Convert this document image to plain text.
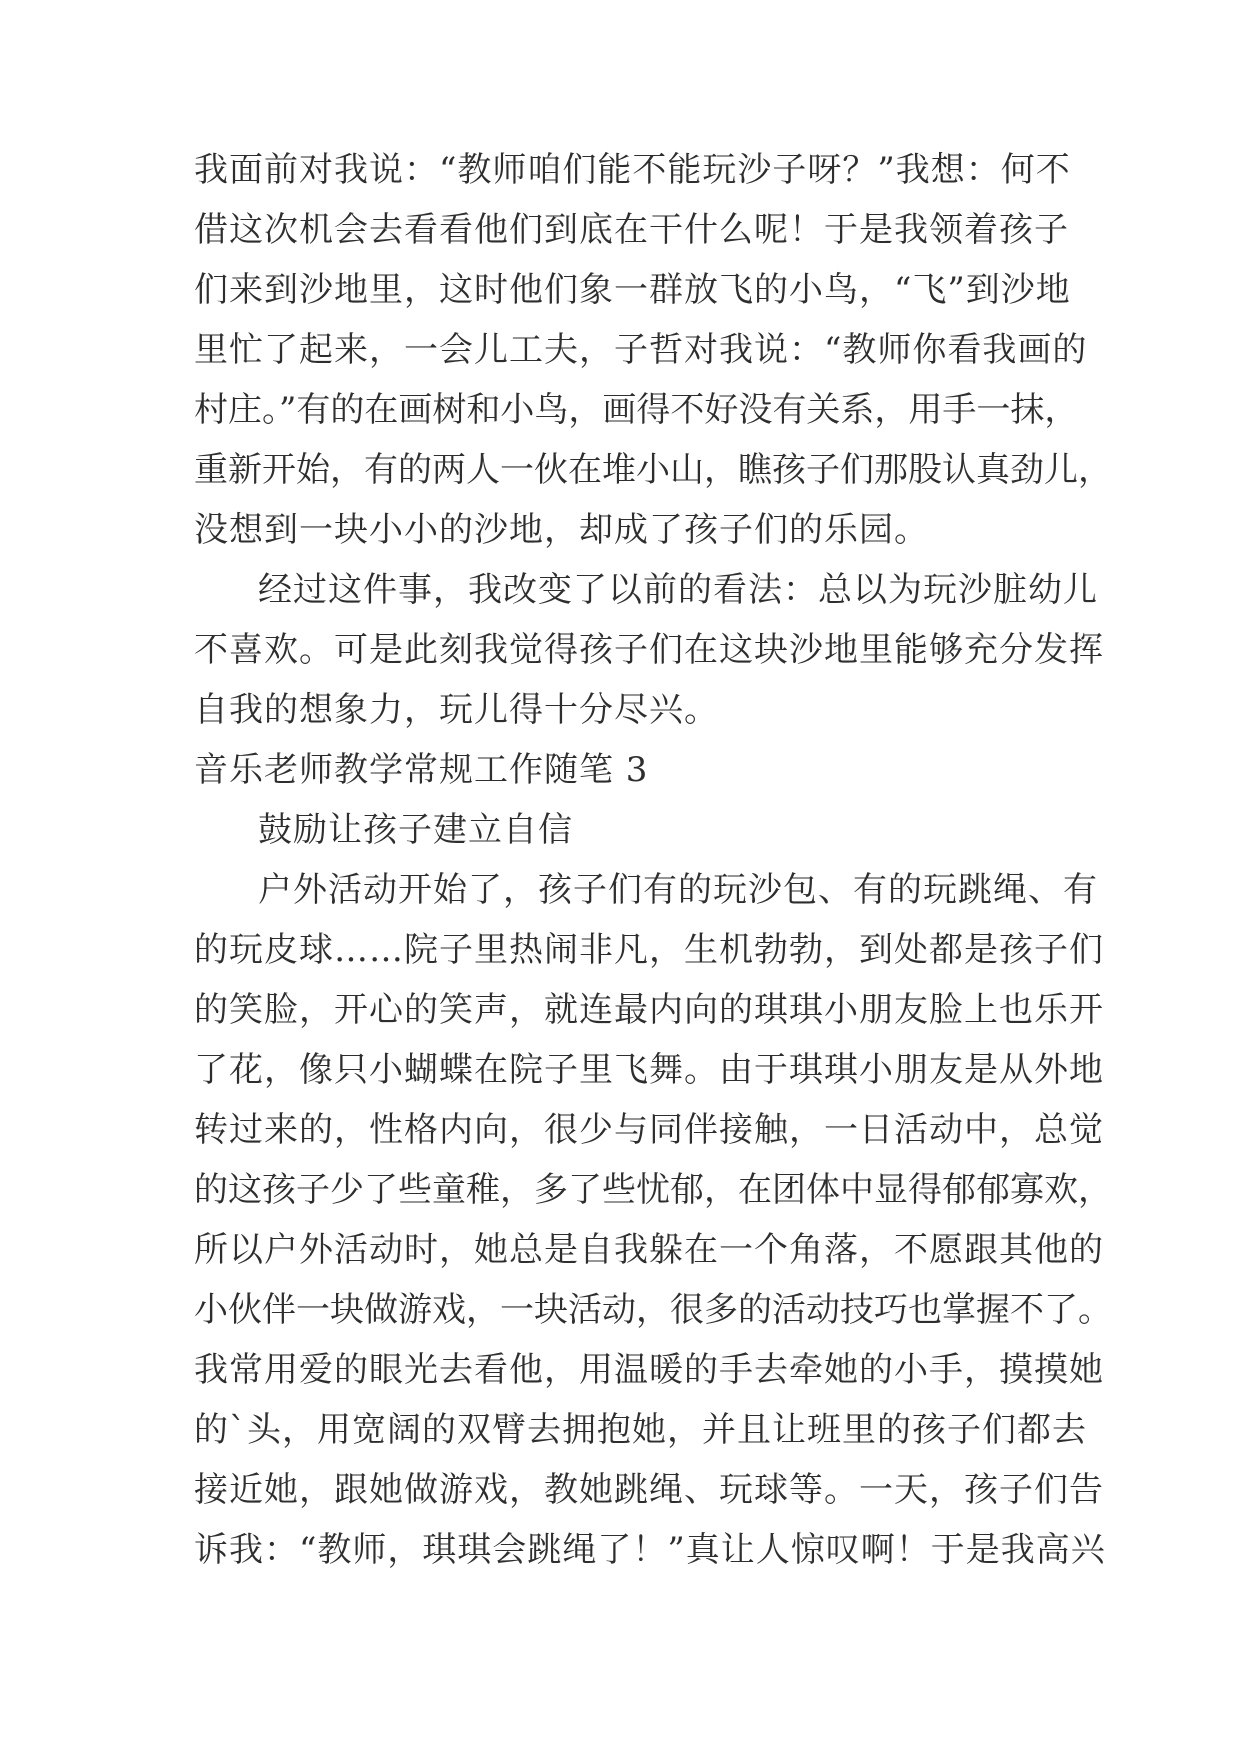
我面前对我说：“教师咱们能不能玩沙子呀？”我想：何不
借这次机会去看看他们到底在干什么呢！于是我领着孩子
们来到沙地里，这时他们象一群放飞的小鸟，“飞”到沙地
里忙了起来，一会儿工夫，子哲对我说：“教师你看我画的
村庄。”有的在画树和小鸟，画得不好没有关系，用手一抹，
重新开始，有的两人一伙在堆小山，瞧孩子们那股认真劲儿，
没想到一块小小的沙地，却成了孩子们的乐园。
经过这件事，我改变了以前的看法：总以为玩沙脏幼儿
不喜欢。可是此刻我觉得孩子们在这块沙地里能够充分发挥
自我的想象力，玩儿得十分尽兴。
音乐老师教学常规工作随笔 3
鼓励让孩子建立自信
户外活动开始了，孩子们有的玩沙包、有的玩跳绳、有
的玩皮球……院子里热闹非凡，生机勃勃，到处都是孩子们
的笑脸，开心的笑声，就连最内向的琪琪小朋友脸上也乐开
了花，像只小蝴蝶在院子里飞舞。由于琪琪小朋友是从外地
转过来的，性格内向，很少与同伴接触，一日活动中，总觉
的这孩子少了些童稚，多了些忧郁，在团体中显得郁郁寡欢，
所以户外活动时，她总是自我躲在一个角落，不愿跟其他的
小伙伴一块做游戏，一块活动，很多的活动技巧也掌握不了。
我常用爱的眼光去看他，用温暖的手去牵她的小手，摸摸她
的`头，用宽阔的双臂去拥抱她，并且让班里的孩子们都去
接近她，跟她做游戏，教她跳绳、玩球等。一天，孩子们告
诉我：“教师，琪琪会跳绳了！”真让人惊叹啊！于是我高兴
